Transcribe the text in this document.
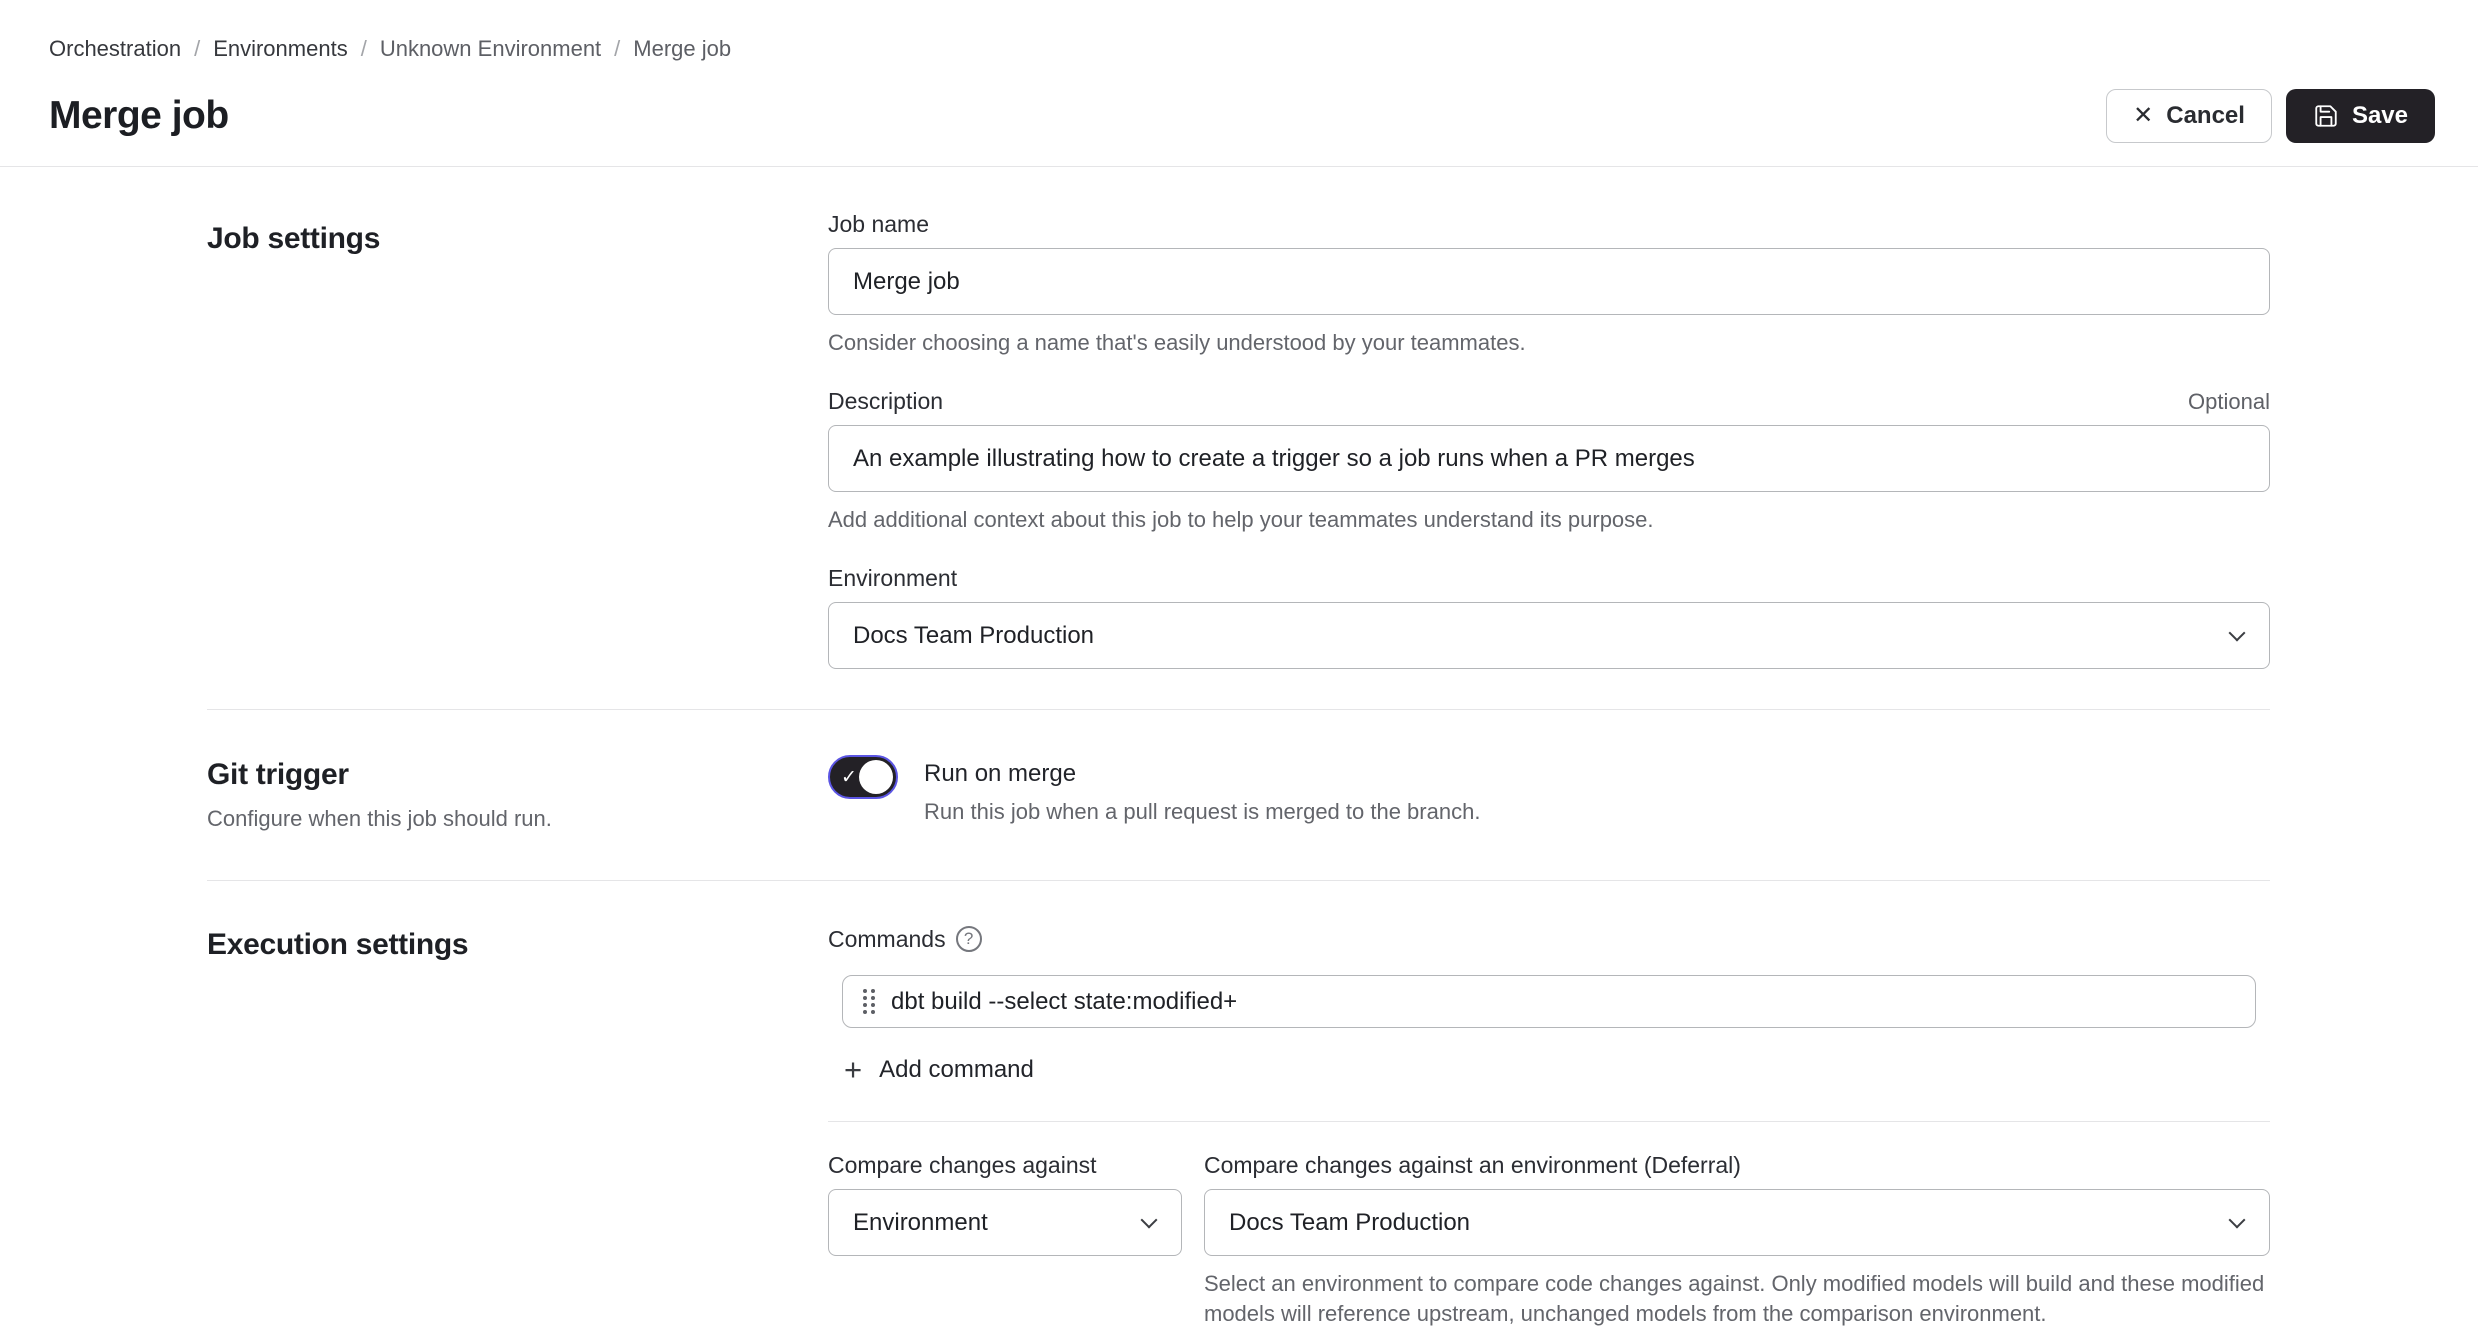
Orchestration / Environments / Unknown Environment / Merge job
Merge job	✕ Cancel	Save
Job settings	Job name
Merge job
Consider choosing a name that's easily understood by your teammates.
Description	Optional
An example illustrating how to create a trigger so a job runs when a PR merges
Add additional context about this job to help your teammates understand its purpose.
Environment
Docs Team Production
Git trigger
Configure when this job should run.
✓	Run on merge
Run this job when a pull request is merged to the branch.
Execution settings	Commands	?
dbt build --select state:modified+
+ Add command
Compare changes against
Environment
Compare changes against an environment (Deferral)
Docs Team Production
Select an environment to compare code changes against. Only modified models will build and these modified models will reference upstream, unchanged models from the comparison environment.
